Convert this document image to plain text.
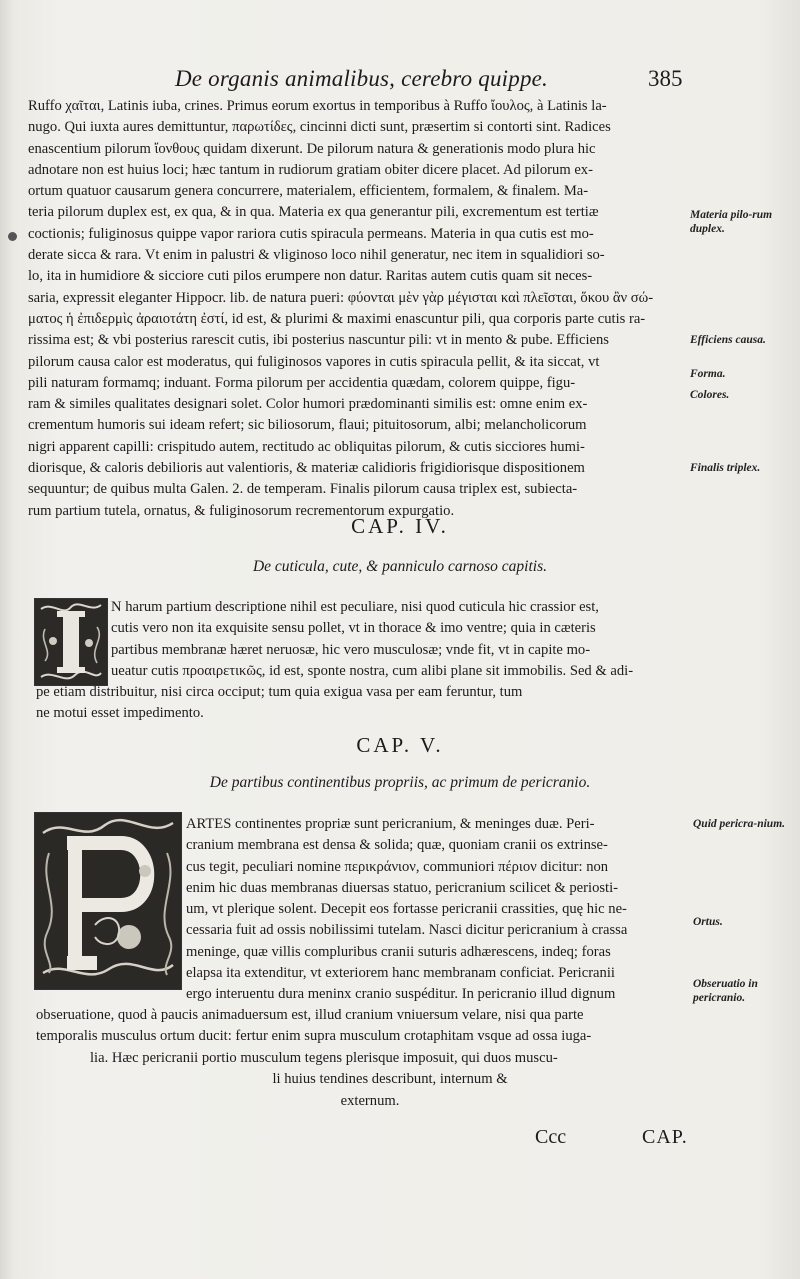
De organis animalibus, cerebro quippe.	385
Ruffo χαῖται, Latinis iuba, crines. Primus eorum exortus in temporibus à Ruffo ἴουλος, à Latinis la-
nugo. Qui iuxta aures demittuntur, παρωτίδες, cincinni dicti sunt, præsertim si contorti sint. Radices
enascentium pilorum ἴονθους quidam dixerunt. De pilorum natura & generationis modo plura hic
adnotare non est huius loci; hæc tantum in rudiorum gratiam obiter dicere placet. Ad pilorum ex-
ortum quatuor causarum genera concurrere, materialem, efficientem, formalem, & finalem. Ma-
teria pilorum duplex est, ex qua, & in qua. Materia ex qua generantur pili, excrementum est tertiæ
coctionis; fuliginosus quippe vapor rariora cutis spiracula permeans. Materia in qua cutis est mo-
derate sicca & rara. Vt enim in palustri & vliginoso loco nihil generatur, nec item in squalidiori so-
lo, ita in humidiore & sicciore cuti pilos erumpere non datur. Raritas autem cutis quam sit neces-
saria, expressit eleganter Hippocr. lib. de natura pueri: φύονται μὲν γὰρ μέγισται καὶ πλεῖσται, ὅκου ἂν σώ-
ματος ἡ ἐπιδερμὶς ἀραιοτάτη ἐστί, id est, & plurimi & maximi enascuntur pili, qua corporis parte cutis ra-
rissima est; & vbi posterius rarescit cutis, ibi posterius nascuntur pili: vt in mento & pube. Efficiens
pilorum causa calor est moderatus, qui fuliginosos vapores in cutis spiracula pellit, & ita siccat, vt
pili naturam formamq; induant. Forma pilorum per accidentia quædam, colorem quippe, figu-
ram & similes qualitates designari solet. Color humori prædominanti similis est: omne enim ex-
crementum humoris sui ideam refert; sic biliosorum, flaui; pituitosorum, albi; melancholicorum
nigri apparent capilli: crispitudo autem, rectitudo ac obliquitas pilorum, & cutis sicciores humi-
diorisque, & caloris debilioris aut valentioris, & materiæ calidioris frigidiorisque dispositionem
sequuntur; de quibus multa Galen. 2. de temperam. Finalis pilorum causa triplex est, subiecta-
rum partium tutela, ornatus, & fuliginosorum recrementorum expurgatio.
Materia pilo-rum duplex.
Efficiens causa.
Forma.
Colores.
Finalis triplex.
CAP. IV.
De cuticula, cute, & panniculo carnoso capitis.
N harum partium descriptione nihil est peculiare, nisi quod cuticula hic crassior est,
cutis vero non ita exquisite sensu pollet, vt in thorace & imo ventre; quia in cæteris
partibus membranæ hæret neruosæ, hic vero musculosæ; vnde fit, vt in capite mo-
ueatur cutis προαιρετικῶς, id est, sponte nostra, cum alibi plane sit immobilis. Sed & adi-
pe etiam distribuitur, nisi circa occiput; tum quia exigua vasa per eam feruntur, tum
ne motui esset impedimento.
CAP. V.
De partibus continentibus propriis, ac primum de pericranio.
ARTES continentes propriæ sunt pericranium, & meninges duæ. Peri-
cranium membrana est densa & solida; quæ, quoniam cranii os extrinse-
cus tegit, peculiari nomine περικράνιον, communiori πέριον dicitur: non
enim hic duas membranas diuersas statuo, pericranium scilicet & periosti-
um, vt plerique solent. Decepit eos fortasse pericranii crassities, quę hic ne-
cessaria fuit ad ossis nobilissimi tutelam. Nasci dicitur pericranium à crassa
meninge, quæ villis compluribus cranii suturis adhærescens, indeq; foras
elapsa ita extenditur, vt exteriorem hanc membranam conficiat. Pericranii
ergo interuentu dura meninx cranio suspéditur. In pericranio illud dignum
obseruatione, quod à paucis animaduersum est, illud cranium vniuersum velare, nisi qua parte
temporalis musculus ortum ducit: fertur enim supra musculum crotaphitam vsque ad ossa iuga-
lia. Hæc pericranii portio musculum tegens plerisque imposuit, qui duos muscu-
li huius tendines describunt, internum &
externum.
Quid pericra-nium.
Ortus.
Obseruatio in pericranio.
Ccc	CAP.
